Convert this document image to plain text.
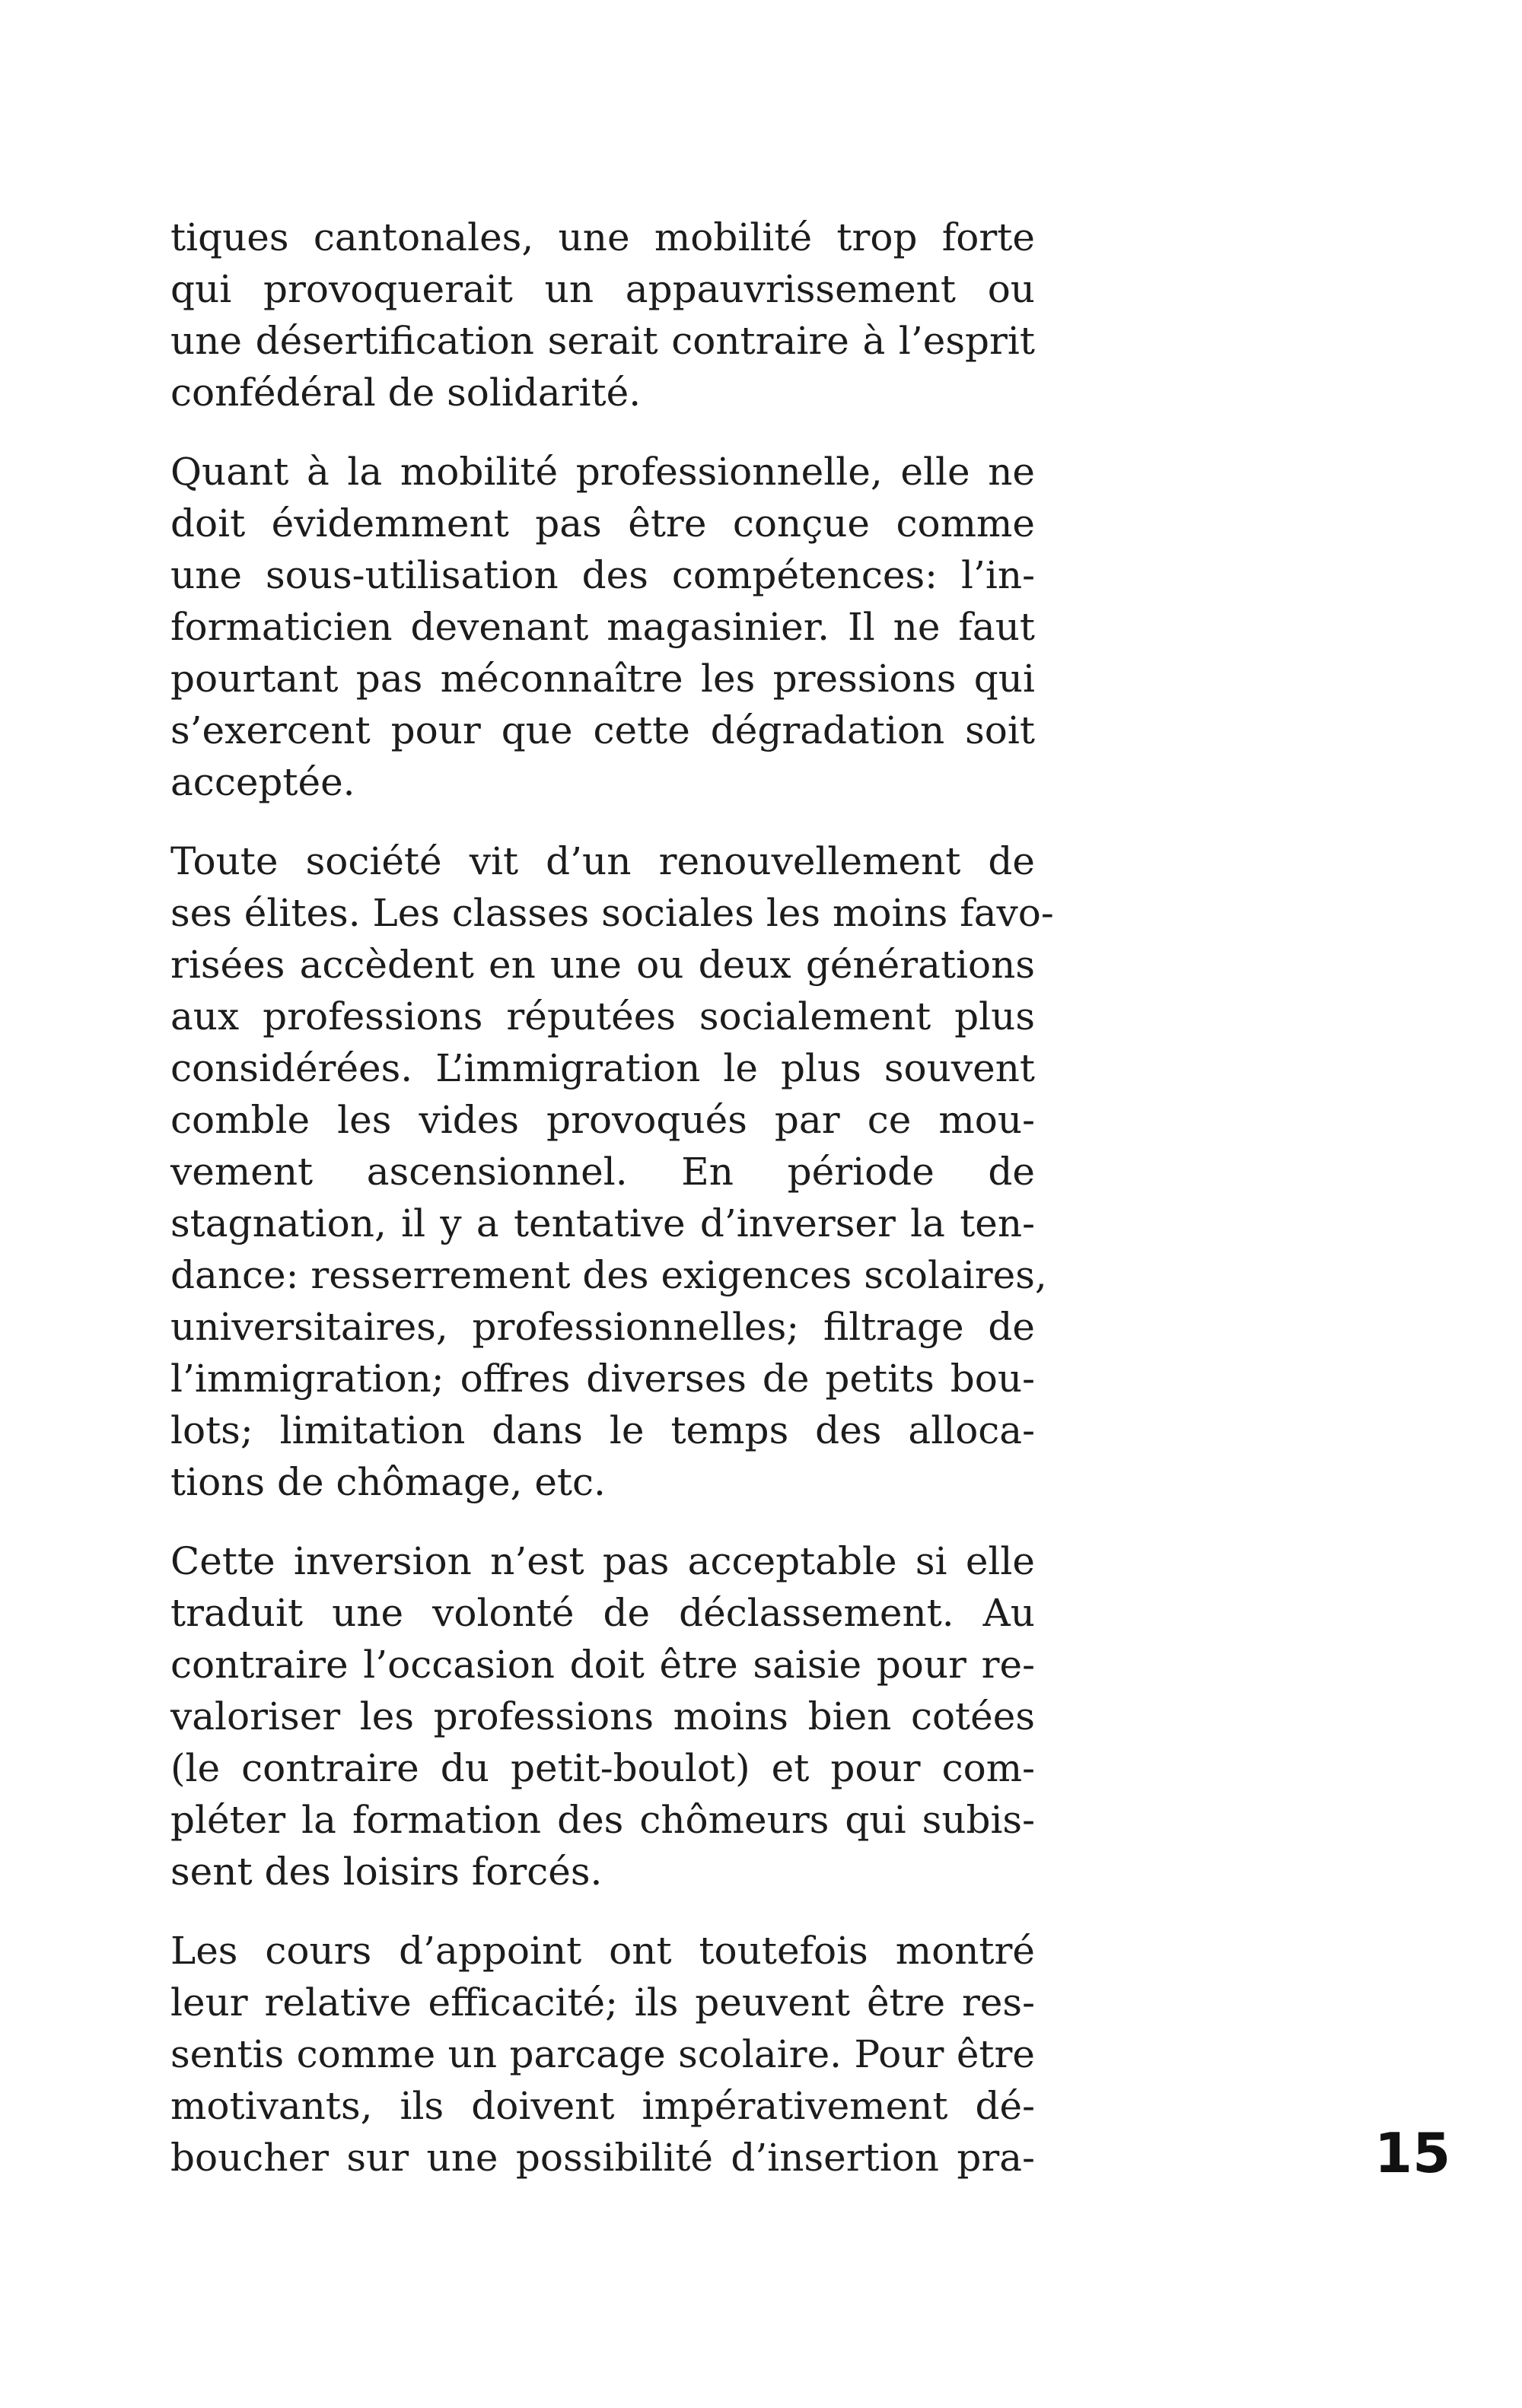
tiques cantonales, une mobilité trop forte
qui provoquerait un appauvrissement ou
une désertification serait contraire à l’esprit
confédéral de solidarité.
Quant à la mobilité professionnelle, elle ne
doit évidemment pas être conçue comme
une sous-utilisation des compétences: l’in-
formaticien devenant magasinier. Il ne faut
pourtant pas méconnaître les pressions qui
s’exercent pour que cette dégradation soit
acceptée.
Toute société vit d’un renouvellement de
ses élites. Les classes sociales les moins favo-
risées accèdent en une ou deux générations
aux professions réputées socialement plus
considérées. L’immigration le plus souvent
comble les vides provoqués par ce mou-
vement ascensionnel. En période de
stagnation, il y a tentative d’inverser la ten-
dance: resserrement des exigences scolaires,
universitaires, professionnelles; filtrage de
l’immigration; offres diverses de petits bou-
lots; limitation dans le temps des alloca-
tions de chômage, etc.
Cette inversion n’est pas acceptable si elle
traduit une volonté de déclassement. Au
contraire l’occasion doit être saisie pour re-
valoriser les professions moins bien cotées
(le contraire du petit-boulot) et pour com-
pléter la formation des chômeurs qui subis-
sent des loisirs forcés.
Les cours d’appoint ont toutefois montré
leur relative efficacité; ils peuvent être res-
sentis comme un parcage scolaire. Pour être
motivants, ils doivent impérativement dé-
boucher sur une possibilité d’insertion pra-	15
